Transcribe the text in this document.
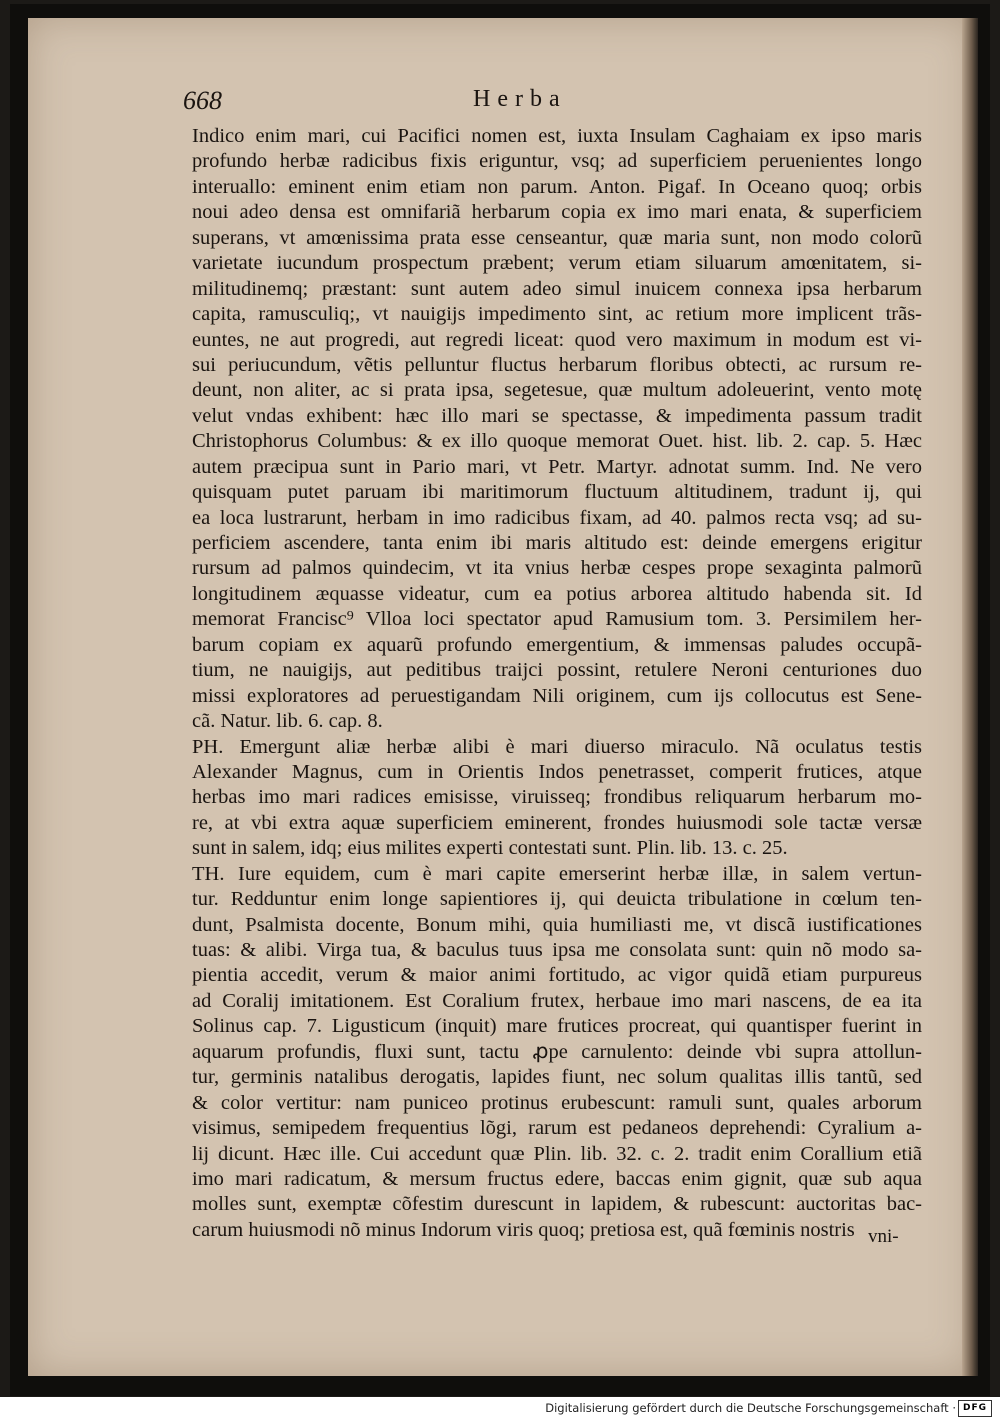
668	Herba
Indico enim mari, cui Pacifici nomen est, iuxta Insulam Caghaiam ex ipso maris
profundo herbæ radicibus fixis eriguntur, vsq; ad superficiem peruenientes longo
interuallo: eminent enim etiam non parum. Anton. Pigaf. In Oceano quoq; orbis
noui adeo densa est omnifariã herbarum copia ex imo mari enata, & superficiem
superans, vt amœnissima prata esse censeantur, quæ maria sunt, non modo colorũ
varietate iucundum prospectum præbent; verum etiam siluarum amœnitatem, si-
militudinemq; præstant: sunt autem adeo simul inuicem connexa ipsa herbarum
capita, ramusculiq;, vt nauigijs impedimento sint, ac retium more implicent trãs-
euntes, ne aut progredi, aut regredi liceat: quod vero maximum in modum est vi-
sui periucundum, vẽtis pelluntur fluctus herbarum floribus obtecti, ac rursum re-
deunt, non aliter, ac si prata ipsa, segetesue, quæ multum adoleuerint, vento motę
velut vndas exhibent: hæc illo mari se spectasse, & impedimenta passum tradit
Christophorus Columbus: & ex illo quoque memorat Ouet. hist. lib. 2. cap. 5. Hæc
autem præcipua sunt in Pario mari, vt Petr. Martyr. adnotat summ. Ind. Ne vero
quisquam putet paruam ibi maritimorum fluctuum altitudinem, tradunt ij, qui
ea loca lustrarunt, herbam in imo radicibus fixam, ad 40. palmos recta vsq; ad su-
perficiem ascendere, tanta enim ibi maris altitudo est: deinde emergens erigitur
rursum ad palmos quindecim, vt ita vnius herbæ cespes prope sexaginta palmorũ
longitudinem æquasse videatur, cum ea potius arborea altitudo habenda sit. Id
memorat Francisc⁹ Vlloa loci spectator apud Ramusium tom. 3. Persimilem her-
barum copiam ex aquarũ profundo emergentium, & immensas paludes occupã-
tium, ne nauigijs, aut peditibus traijci possint, retulere Neroni centuriones duo
missi exploratores ad peruestigandam Nili originem, cum ijs collocutus est Sene-
cã. Natur. lib. 6. cap. 8.
PH. Emergunt aliæ herbæ alibi è mari diuerso miraculo. Nã oculatus testis
Alexander Magnus, cum in Orientis Indos penetrasset, comperit frutices, atque
herbas imo mari radices emisisse, viruisseq; frondibus reliquarum herbarum mo-
re, at vbi extra aquæ superficiem eminerent, frondes huiusmodi sole tactæ versæ
sunt in salem, idq; eius milites experti contestati sunt. Plin. lib. 13. c. 25.
TH. Iure equidem, cum è mari capite emerserint herbæ illæ, in salem vertun-
tur. Redduntur enim longe sapientiores ij, qui deuicta tribulatione in cœlum ten-
dunt, Psalmista docente, Bonum mihi, quia humiliasti me, vt discã iustificationes
tuas: & alibi. Virga tua, & baculus tuus ipsa me consolata sunt: quin nõ modo sa-
pientia accedit, verum & maior animi fortitudo, ac vigor quidã etiam purpureus
ad Coralij imitationem. Est Coralium frutex, herbaue imo mari nascens, de ea ita
Solinus cap. 7. Ligusticum (inquit) mare frutices procreat, qui quantisper fuerint in
aquarum profundis, fluxi sunt, tactu ꝓpe carnulento: deinde vbi supra attollun-
tur, germinis natalibus derogatis, lapides fiunt, nec solum qualitas illis tantũ, sed
& color vertitur: nam puniceo protinus erubescunt: ramuli sunt, quales arborum
visimus, semipedem frequentius lõgi, rarum est pedaneos deprehendi: Cyralium a-
lij dicunt. Hæc ille. Cui accedunt quæ Plin. lib. 32. c. 2. tradit enim Corallium etiã
imo mari radicatum, & mersum fructus edere, baccas enim gignit, quæ sub aqua
molles sunt, exemptæ cõfestim durescunt in lapidem, & rubescunt: auctoritas bac-
carum huiusmodi nõ minus Indorum viris quoq; pretiosa est, quã fœminis nostris vni-
Digitalisierung gefördert durch die Deutsche Forschungsgemeinschaft · DFG
